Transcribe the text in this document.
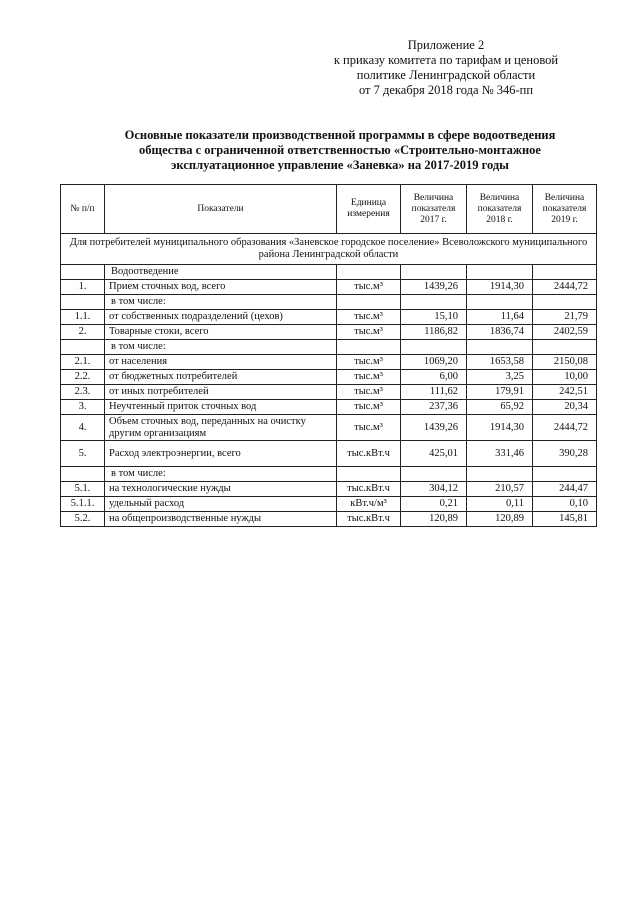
Приложение 2
к приказу комитета по тарифам и ценовой
политике Ленинградской области
от 7 декабря 2018 года № 346-пп
Основные показатели производственной программы в сфере водоотведения
общества с ограниченной ответственностью «Строительно-монтажное
эксплуатационное управление «Заневка» на 2017-2019 годы
№ п/п	Показатели	Единица измерения	Величина показателя 2017 г.	Величина показателя 2018 г.	Величина показателя 2019 г.
Для потребителей муниципального образования «Заневское городское поселение» Всеволожского муниципального района Ленинградской области					
	Водоотведение				
1.	Прием сточных вод, всего	тыс.м³	1439,26	1914,30	2444,72
	в том числе:				
1.1.	от собственных подразделений (цехов)	тыс.м³	15,10	11,64	21,79
2.	Товарные стоки, всего	тыс.м³	1186,82	1836,74	2402,59
	в том числе:				
2.1.	от населения	тыс.м³	1069,20	1653,58	2150,08
2.2.	от бюджетных потребителей	тыс.м³	6,00	3,25	10,00
2.3.	от иных потребителей	тыс.м³	111,62	179,91	242,51
3.	Неучтенный приток сточных вод	тыс.м³	237,36	65,92	20,34
4.	Объем сточных вод, переданных на очистку другим организациям	тыс.м³	1439,26	1914,30	2444,72
5.	Расход электроэнергии, всего	тыс.кВт.ч	425,01	331,46	390,28
	в том числе:				
5.1.	на технологические нужды	тыс.кВт.ч	304,12	210,57	244,47
5.1.1.	удельный расход	кВт.ч/м³	0,21	0,11	0,10
5.2.	на общепроизводственные нужды	тыс.кВт.ч	120,89	120,89	145,81
